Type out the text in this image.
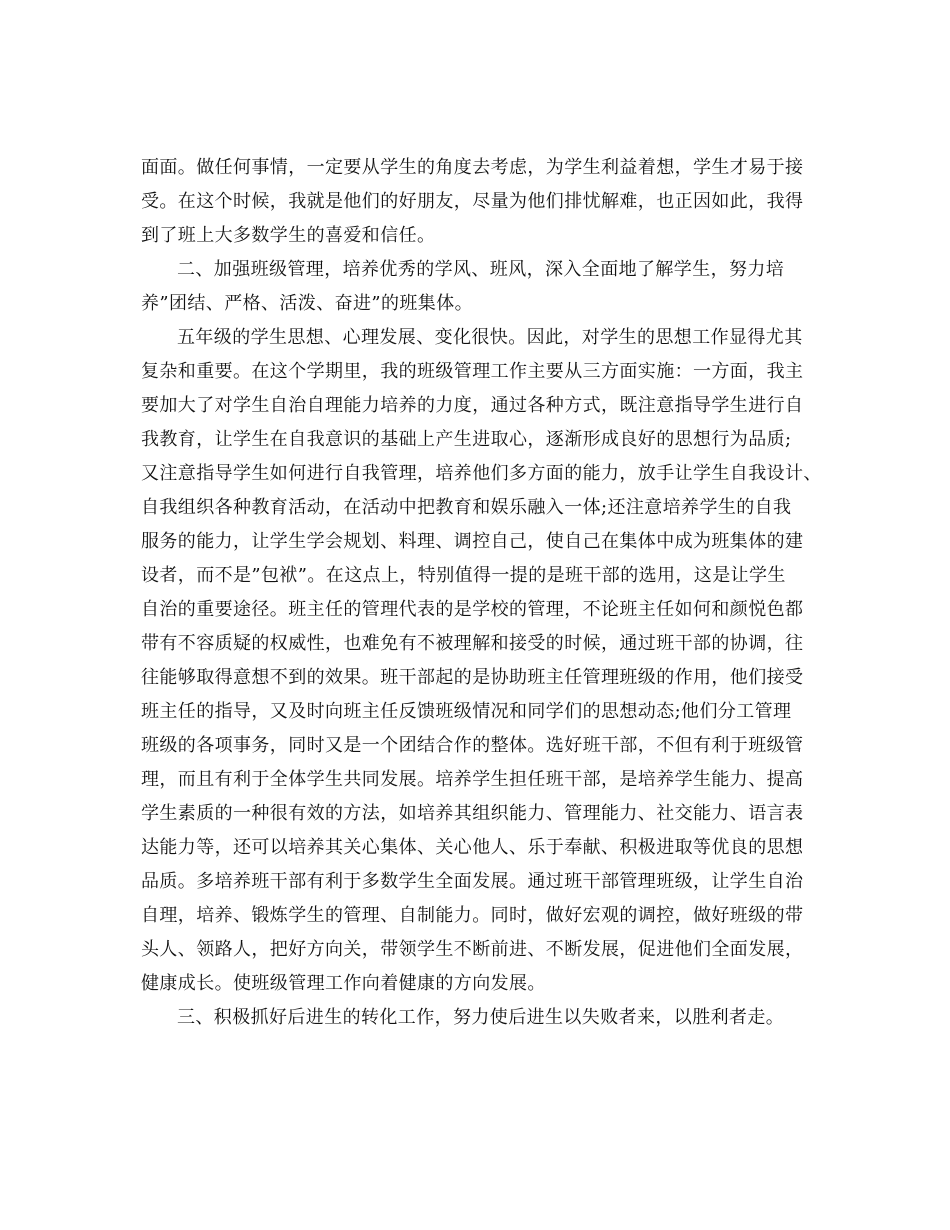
面面。做任何事情，一定要从学生的角度去考虑，为学生利益着想，学生才易于接
受。在这个时候，我就是他们的好朋友，尽量为他们排忧解难，也正因如此，我得
到了班上大多数学生的喜爱和信任。
二、加强班级管理，培养优秀的学风、班风，深入全面地了解学生，努力培
养”团结、严格、活泼、奋进”的班集体。
五年级的学生思想、心理发展、变化很快。因此，对学生的思想工作显得尤其
复杂和重要。在这个学期里，我的班级管理工作主要从三方面实施：一方面，我主
要加大了对学生自治自理能力培养的力度，通过各种方式，既注意指导学生进行自
我教育，让学生在自我意识的基础上产生进取心，逐渐形成良好的思想行为品质;
又注意指导学生如何进行自我管理，培养他们多方面的能力，放手让学生自我设计、
自我组织各种教育活动，在活动中把教育和娱乐融入一体;还注意培养学生的自我
服务的能力，让学生学会规划、料理、调控自己，使自己在集体中成为班集体的建
设者，而不是”包袱”。在这点上，特别值得一提的是班干部的选用，这是让学生
自治的重要途径。班主任的管理代表的是学校的管理，不论班主任如何和颜悦色都
带有不容质疑的权威性，也难免有不被理解和接受的时候，通过班干部的协调，往
往能够取得意想不到的效果。班干部起的是协助班主任管理班级的作用，他们接受
班主任的指导，又及时向班主任反馈班级情况和同学们的思想动态;他们分工管理
班级的各项事务，同时又是一个团结合作的整体。选好班干部，不但有利于班级管
理，而且有利于全体学生共同发展。培养学生担任班干部，是培养学生能力、提高
学生素质的一种很有效的方法，如培养其组织能力、管理能力、社交能力、语言表
达能力等，还可以培养其关心集体、关心他人、乐于奉献、积极进取等优良的思想
品质。多培养班干部有利于多数学生全面发展。通过班干部管理班级，让学生自治
自理，培养、锻炼学生的管理、自制能力。同时，做好宏观的调控，做好班级的带
头人、领路人，把好方向关，带领学生不断前进、不断发展，促进他们全面发展，
健康成长。使班级管理工作向着健康的方向发展。
三、积极抓好后进生的转化工作，努力使后进生以失败者来，以胜利者走。
